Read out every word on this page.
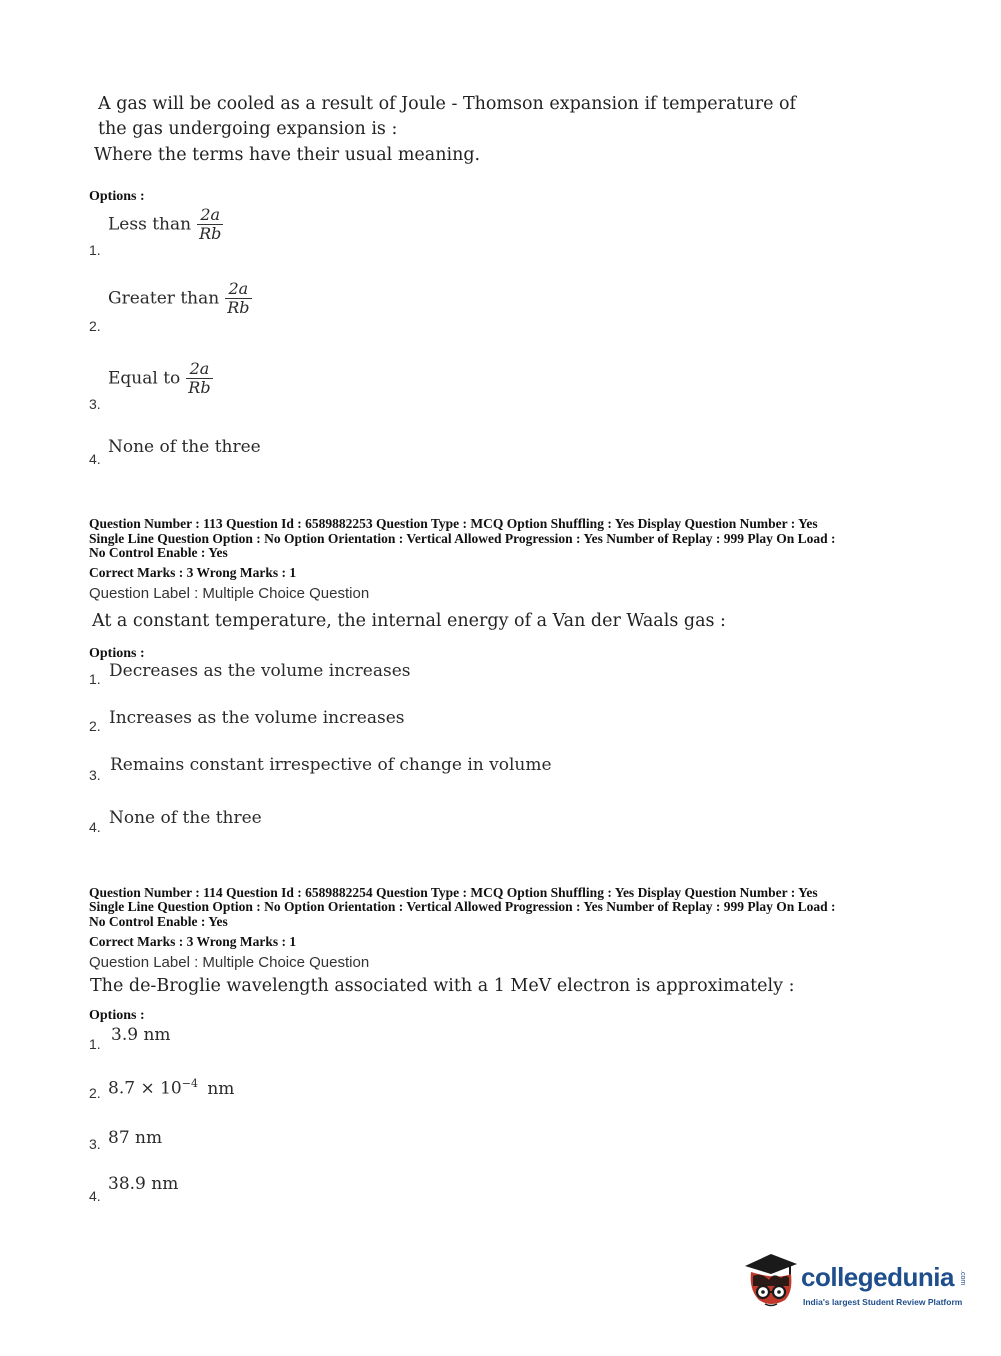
A gas will be cooled as a result of Joule - Thomson expansion if temperature of
the gas undergoing expansion is :
Where the terms have their usual meaning.
Options :
1.
Less than $\frac{2a}{Rb}$
2.
Greater than $\frac{2a}{Rb}$
3.
Equal to $\frac{2a}{Rb}$
4.
None of the three
Question Number : 113 Question Id : 6589882253 Question Type : MCQ Option Shuffling : Yes Display Question Number : Yes
Single Line Question Option : No Option Orientation : Vertical Allowed Progression : Yes Number of Replay : 999 Play On Load :
No Control Enable : Yes
Correct Marks : 3 Wrong Marks : 1
Question Label : Multiple Choice Question
At a constant temperature, the internal energy of a Van der Waals gas :
Options :
1. Decreases as the volume increases
2. Increases as the volume increases
3. Remains constant irrespective of change in volume
4. None of the three
Question Number : 114 Question Id : 6589882254 Question Type : MCQ Option Shuffling : Yes Display Question Number : Yes
Single Line Question Option : No Option Orientation : Vertical Allowed Progression : Yes Number of Replay : 999 Play On Load :
No Control Enable : Yes
Correct Marks : 3 Wrong Marks : 1
Question Label : Multiple Choice Question
The de-Broglie wavelength associated with a 1 MeV electron is approximately :
Options :
1. 3.9 nm
2. $8.7 \times 10^{-4}$ nm
3. 87 nm
4.
38.9 nm
collegedunia .com
India's largest Student Review Platform
